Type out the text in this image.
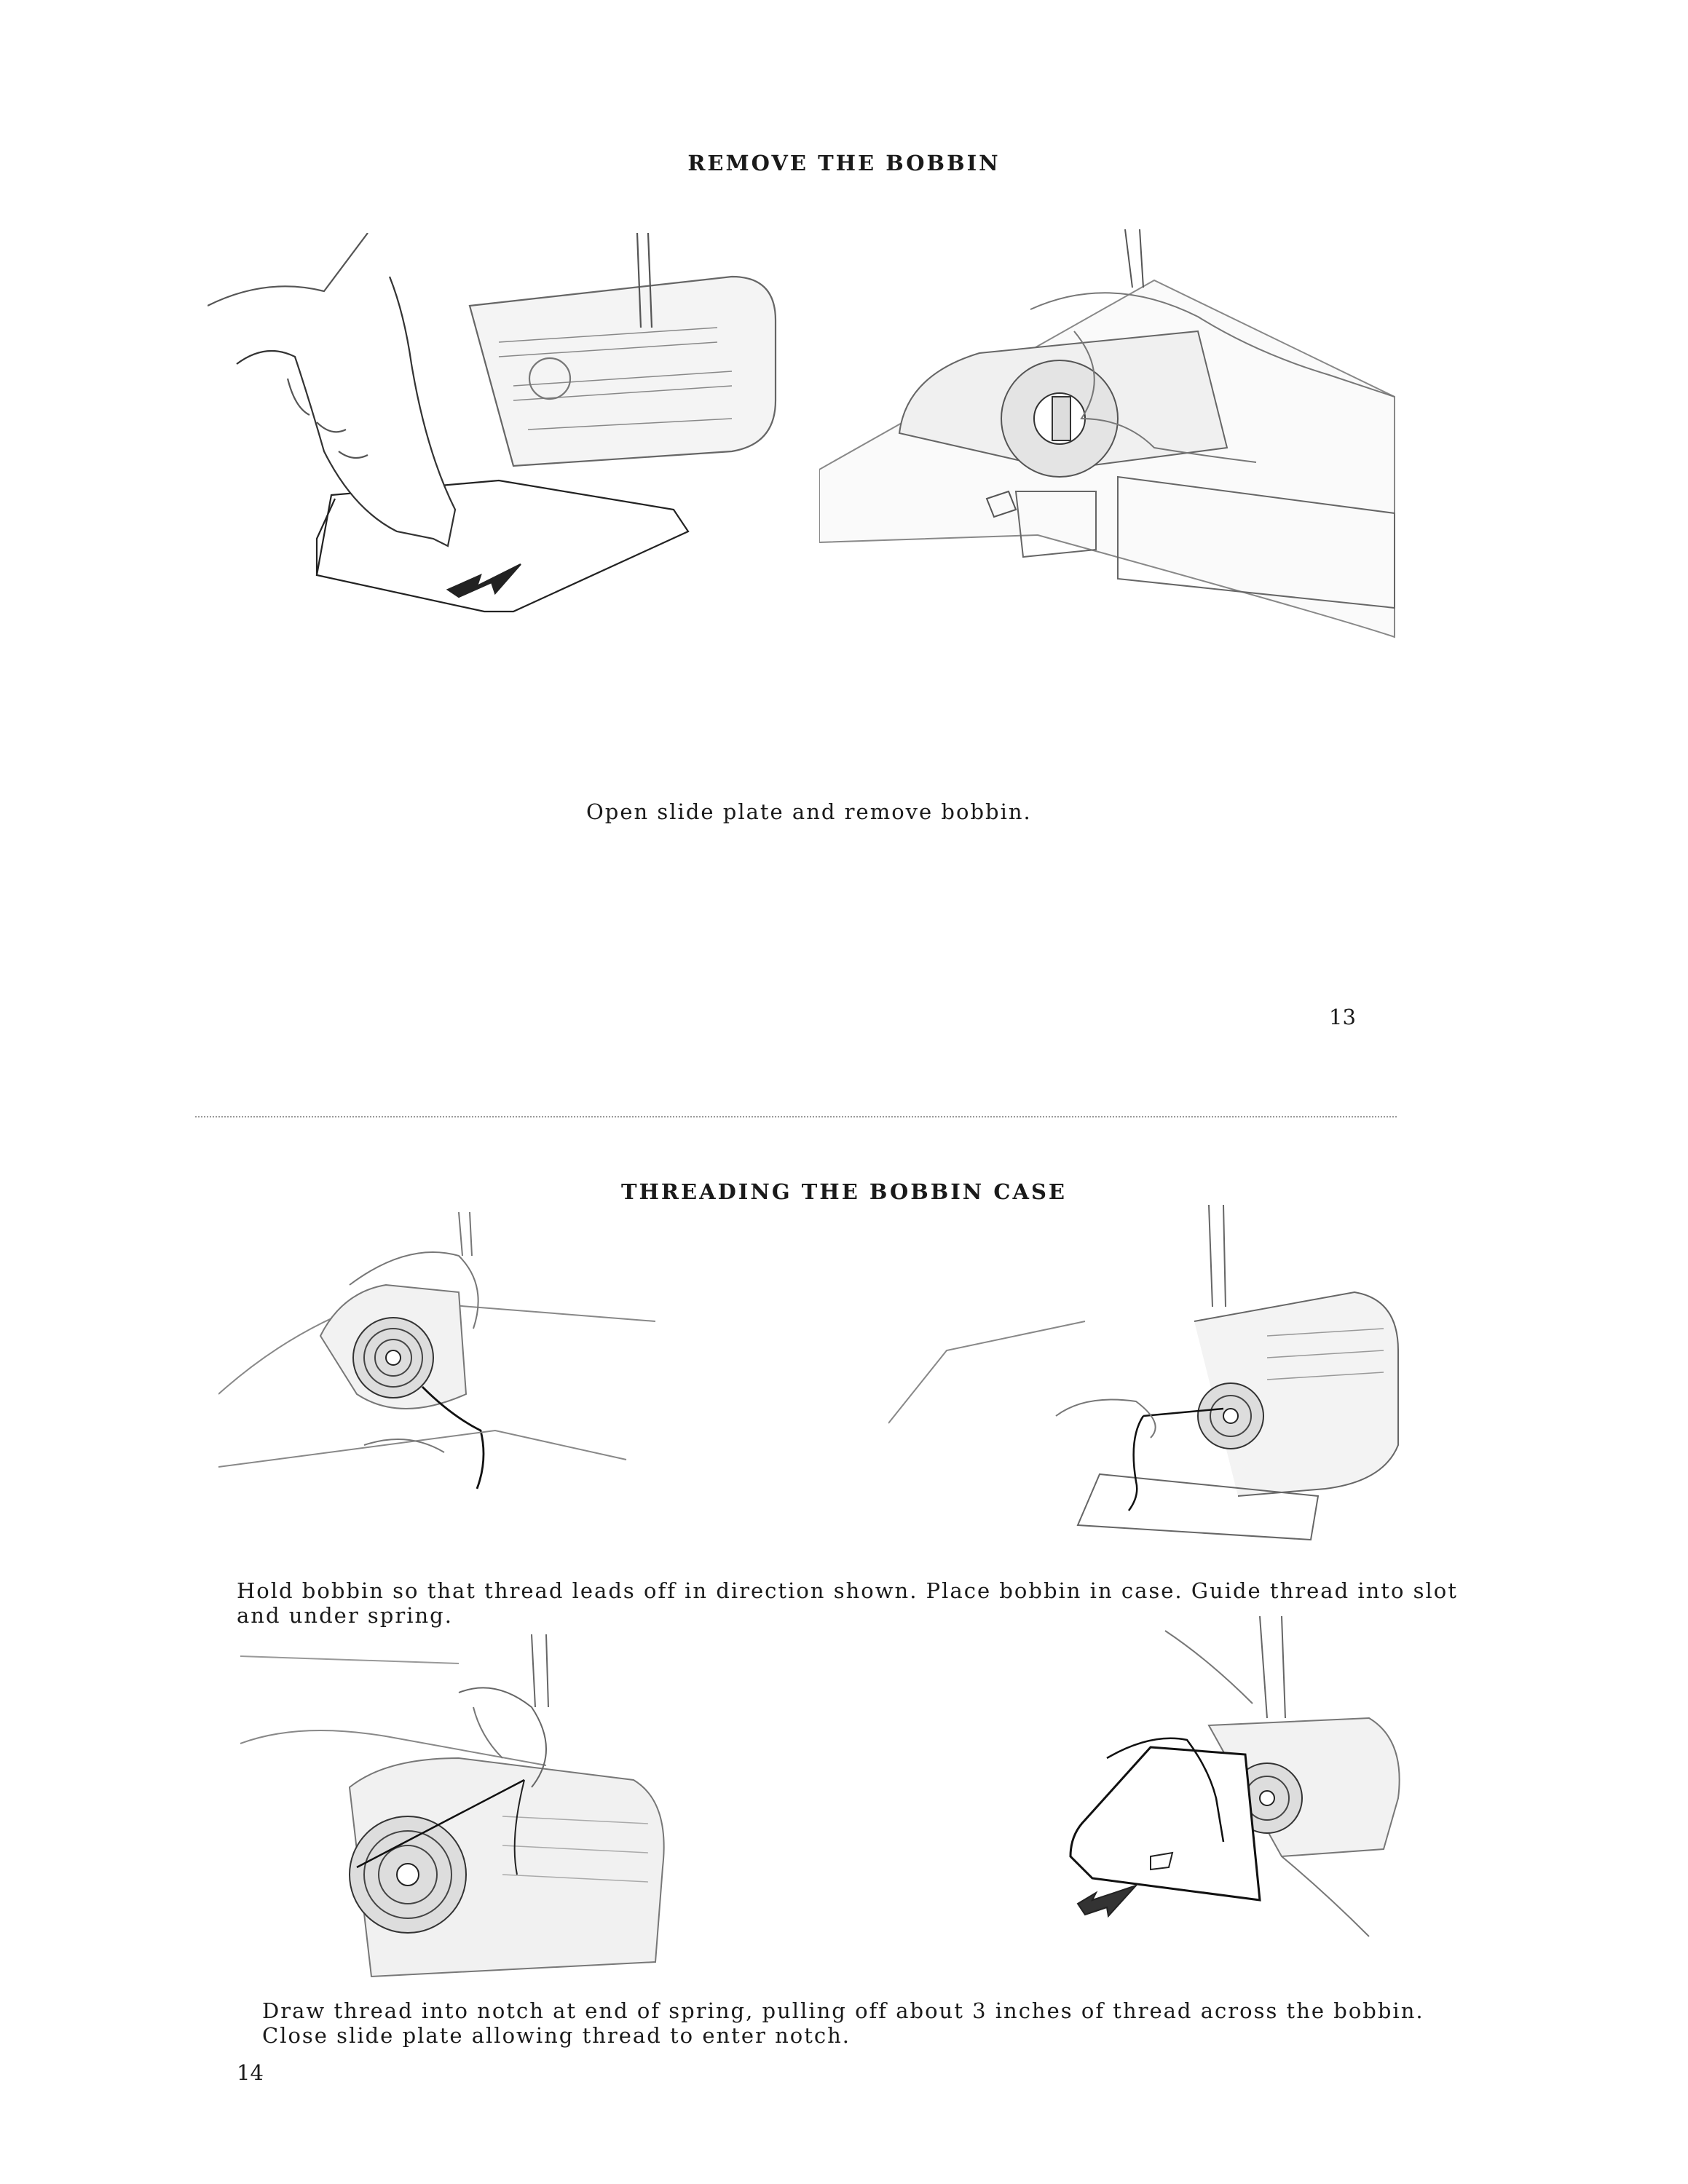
REMOVE THE BOBBIN
Open slide plate and remove bobbin.
13
THREADING THE BOBBIN CASE
Hold bobbin so that thread leads off in direction shown. Place bobbin in case. Guide thread into slot
and under spring.
Draw thread into notch at end of spring, pulling off about 3 inches of thread across the bobbin.
Close slide plate allowing thread to enter notch.
14
